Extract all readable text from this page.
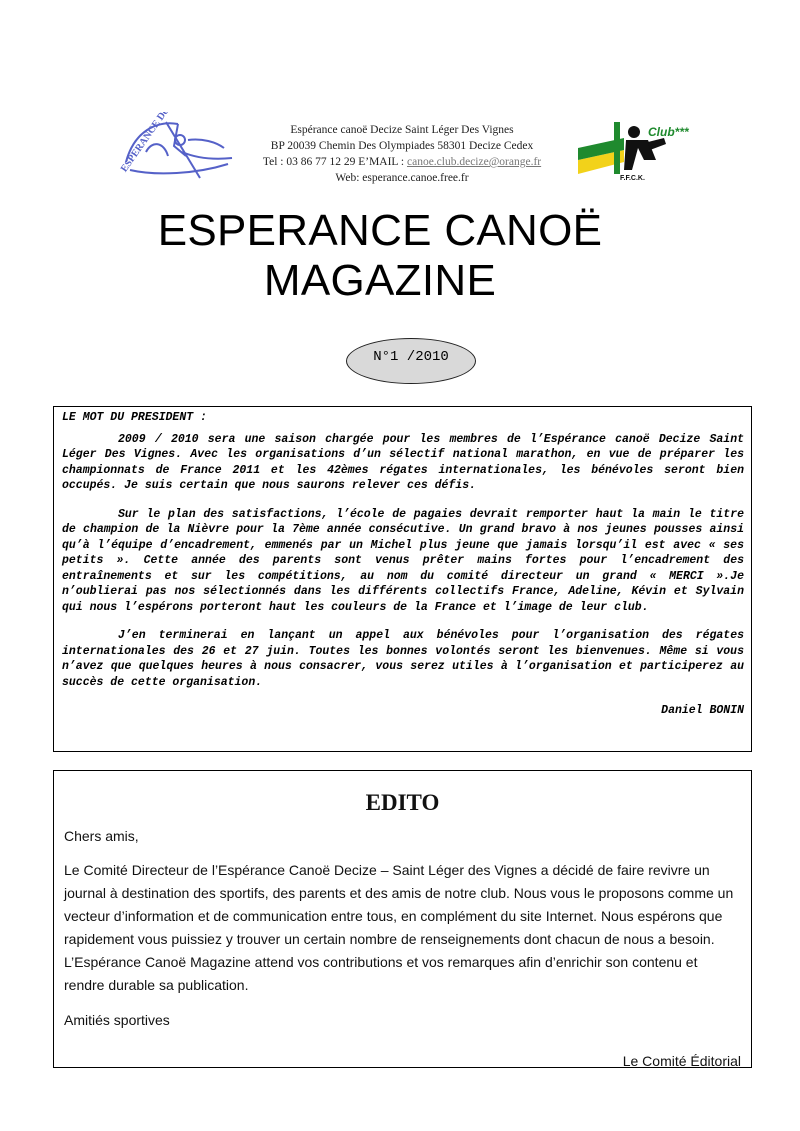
ESPERANCE Decize S Léger	Espérance canoë Decize Saint Léger Des Vignes
BP 20039 Chemin Des Olympiades 58301 Decize Cedex
Tel : 03 86 77 12 29 E’MAIL : canoe.club.decize@orange.fr
Web: esperance.canoe.free.fr
Club***
F.F.C.K.
ESPERANCE CANOË
MAGAZINE
N°1 /2010
LE MOT DU PRESIDENT :

2009 / 2010 sera une saison chargée pour les membres de l’Espérance canoë Decize Saint Léger Des Vignes. Avec les organisations d’un sélectif national marathon, en vue de préparer les championnats de France 2011 et les 42èmes régates internationales, les bénévoles seront bien occupés. Je suis certain que nous saurons relever ces défis.

Sur le plan des satisfactions, l’école de pagaies devrait remporter haut la main le titre de champion de la Nièvre pour la 7ème année consécutive. Un grand bravo à nos jeunes pousses ainsi qu’à l’équipe d’encadrement, emmenés par un Michel plus jeune que jamais lorsqu’il est avec « ses petits ». Cette année des parents sont venus prêter mains fortes pour l’encadrement des entraînements et sur les compétitions, au nom du comité directeur un grand « MERCI ».Je n’oublierai pas nos sélectionnés dans les différents collectifs France, Adeline, Kévin et Sylvain qui nous l’espérons porteront haut les couleurs de la France et l’image de leur club.

J’en terminerai en lançant un appel aux bénévoles pour l’organisation des régates internationales des 26 et 27 juin. Toutes les bonnes volontés seront les bienvenues. Même si vous n’avez que quelques heures à nous consacrer, vous serez utiles à l’organisation et participerez au succès de cette organisation.

Daniel BONIN
EDITO

Chers amis,

Le Comité Directeur de l’Espérance Canoë Decize – Saint Léger des Vignes a décidé de faire revivre un journal à destination des sportifs, des parents et des amis de notre club. Nous vous le proposons comme un vecteur d’information et de communication entre tous, en complément du site Internet. Nous espérons que rapidement vous puissiez y trouver un certain nombre de renseignements dont chacun de nous a besoin. L’Espérance Canoë Magazine attend vos contributions et vos remarques afin d’enrichir son contenu et rendre durable sa publication.

Amitiés sportives

Le Comité Éditorial
